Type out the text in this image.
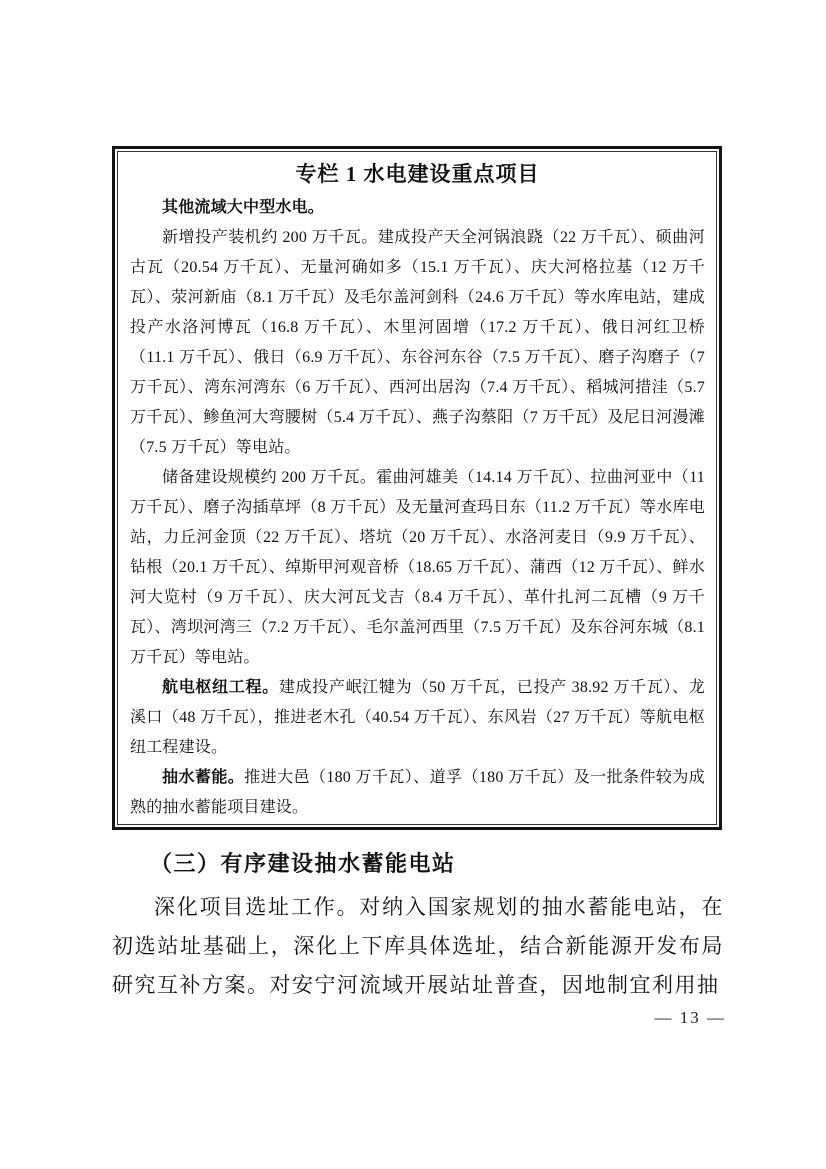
专栏 1 水电建设重点项目

其他流域大中型水电。

新增投产装机约 200 万千瓦。建成投产天全河锅浪跷（22 万千瓦）、硕曲河古瓦（20.54 万千瓦）、无量河确如多（15.1 万千瓦）、庆大河格拉基（12 万千瓦）、荥河新庙（8.1 万千瓦）及毛尔盖河剑科（24.6 万千瓦）等水库电站，建成投产水洛河博瓦（16.8 万千瓦）、木里河固增（17.2 万千瓦）、俄日河红卫桥（11.1 万千瓦）、俄日（6.9 万千瓦）、东谷河东谷（7.5 万千瓦）、磨子沟磨子（7 万千瓦）、湾东河湾东（6 万千瓦）、西河出居沟（7.4 万千瓦）、稻城河措洼（5.7 万千瓦）、鲹鱼河大弯腰树（5.4 万千瓦）、燕子沟蔡阳（7 万千瓦）及尼日河漫滩（7.5 万千瓦）等电站。

储备建设规模约 200 万千瓦。霍曲河雄美（14.14 万千瓦）、拉曲河亚中（11 万千瓦）、磨子沟插草坪（8 万千瓦）及无量河查玛日东（11.2 万千瓦）等水库电站，力丘河金顶（22 万千瓦）、塔坑（20 万千瓦）、水洛河麦日（9.9 万千瓦）、钻根（20.1 万千瓦）、绰斯甲河观音桥（18.65 万千瓦）、蒲西（12 万千瓦）、鲜水河大览村（9 万千瓦）、庆大河瓦戈吉（8.4 万千瓦）、革什扎河二瓦槽（9 万千瓦）、湾坝河湾三（7.2 万千瓦）、毛尔盖河西里（7.5 万千瓦）及东谷河东城（8.1 万千瓦）等电站。

航电枢纽工程。建成投产岷江犍为（50 万千瓦，已投产 38.92 万千瓦）、龙溪口（48 万千瓦），推进老木孔（40.54 万千瓦）、东风岩（27 万千瓦）等航电枢纽工程建设。

抽水蓄能。推进大邑（180 万千瓦）、道孚（180 万千瓦）及一批条件较为成熟的抽水蓄能项目建设。

（三）有序建设抽水蓄能电站

深化项目选址工作。对纳入国家规划的抽水蓄能电站，在初选站址基础上，深化上下库具体选址，结合新能源开发布局研究互补方案。对安宁河流域开展站址普查，因地制宜利用抽

— 13 —
